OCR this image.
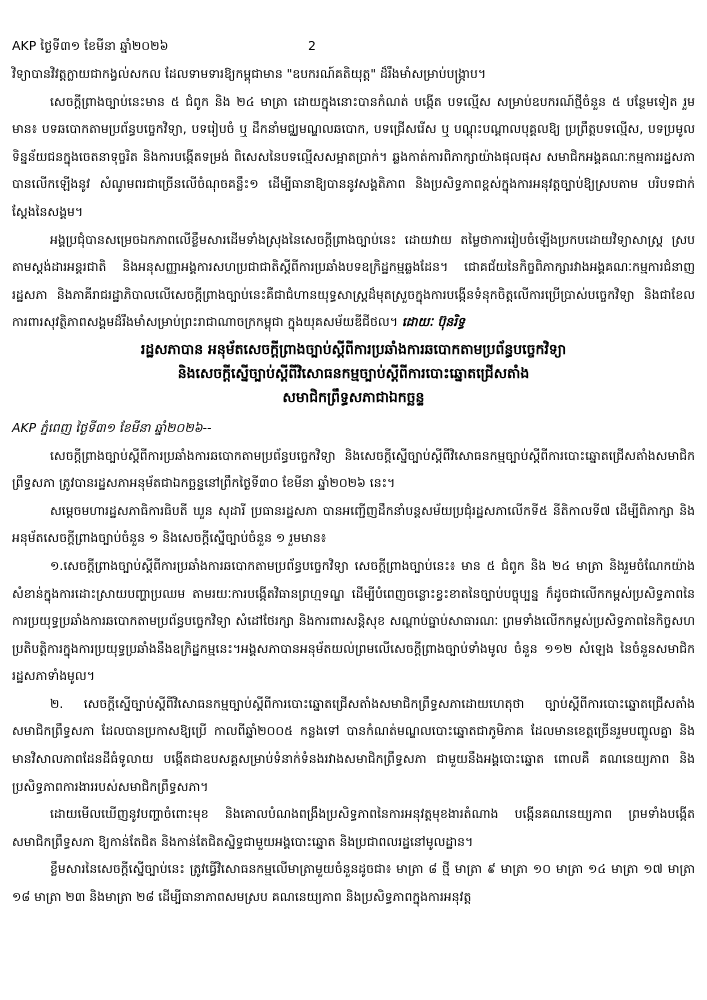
AKP ថ្ងៃទី៣១ ខែមីនា ឆ្នាំ២០២៦	2

វិទ្យាបានវិវត្តក្លាយជាកង្វល់សកល ដែលទាមទារឱ្យកម្ពុជាមាន "ឧបករណ៍គតិយុត្ត" ដ៏រឹងមាំសម្រាប់បង្ក្រាប។

សេចក្តីព្រាងច្បាប់នេះមាន ៥ ជំពូក និង ២៤ មាត្រា ដោយក្នុងនោះបានកំណត់ បង្កើត បទល្មើស សម្រាប់ឧបករណ៍ថ្មីចំនួន ៥ បន្ថែមទៀត រួមមាន៖ បទឆបោកតាមប្រព័ន្ធបច្ចេកវិទ្យា, បទរៀបចំ ឬ ដឹកនាំមជ្ឈមណ្ឌលឆបោក, បទជ្រើសរើស ឬ បណ្តុះបណ្តាលបុគ្គលឱ្យ ប្រព្រឹត្តបទល្មើស, បទប្រមូលទិន្នន័យជនក្នុងចេតនាទុច្ចរិត និងការបង្កើតទម្រង់ ពិសេសនៃបទល្មើសសម្អាតប្រាក់។ ឆ្លងកាត់ការពិភាក្សាយ៉ាងផុលផុស សមាជិកអង្គគណៈកម្មការរដ្ឋសភាបានលើកឡើងនូវ សំណូមពរជាច្រើនលើចំណុចគន្លឹះ១ ដើម្បីធានាឱ្យបាននូវសង្គតិភាព និងប្រសិទ្ធភាពខ្ពស់ក្នុងការអនុវត្តច្បាប់ឱ្យស្របតាម បរិបទជាក់ស្តែងនៃសង្គម។

អង្គប្រជុំបានសម្រេចឯកភាពលើខ្លឹមសារដើមទាំងស្រុងនៃសេចក្តីព្រាងច្បាប់នេះ ដោយវាយ តម្លៃថាការរៀបចំឡើងប្រកបដោយវិទ្យាសាស្ត្រ ស្របតាមស្តង់ដារអន្តរជាតិ និងអនុសញ្ញាអង្គការសហប្រជាជាតិស្តីពីការប្រឆាំងបទឧក្រិដ្ឋកម្មឆ្លងដែន។ ជោគជ័យនៃកិច្ចពិភាក្សារវាងអង្គគណៈកម្មការជំនាញរដ្ឋសភា និងភាគីរាជរដ្ឋាភិបាលលើសេចក្តីព្រាងច្បាប់នេះគឺជាជំហានយុទ្ធសាស្ត្រដ៏មុតស្រួចក្នុងការបង្កើនទំនុកចិត្តលើការប្រើប្រាស់បច្ចេកវិទ្យា និងជាខែលការពារសុវត្ថិភាពសង្គមដ៏រឹងមាំសម្រាប់ព្រះរាជាណាចក្រកម្ពុជា ក្នុងយុគសម័យឌីជីថល។ ដោយៈ ប៊ុនរិទ្ធ

រដ្ឋសភាបាន អនុម័តសេចក្តីព្រាងច្បាប់ស្តីពីការប្រឆាំងការឆបោកតាមប្រព័ន្ធបច្ចេកវិទ្យា
និងសេចក្តីស្នើច្បាប់ស្តីពីវិសោធនកម្មច្បាប់ស្តីពីការបោះឆ្នោតជ្រើសតាំង
សមាជិកព្រឹទ្ធសភាជាឯកច្ឆន្ទ

AKP ភ្នំពេញ ថ្ងៃទី៣១ ខែមីនា ឆ្នាំ២០២៦--

សេចក្តីព្រាងច្បាប់ស្តីពីការប្រឆាំងការឆបោកតាមប្រព័ន្ធបច្ចេកវិទ្យា និងសេចក្តីស្នើច្បាប់ស្តីពីវិសោធនកម្មច្បាប់ស្តីពីការបោះឆ្នោតជ្រើសតាំងសមាជិកព្រឹទ្ធសភា ត្រូវបានរដ្ឋសភាអនុម័តជាឯកច្ឆន្ទនៅព្រឹកថ្ងៃទី៣០ ខែមីនា ឆ្នាំ២០២៦ នេះ។

សម្តេចមហារដ្ឋសភាធិការធិបតី ឃួន សុដារី ប្រធានរដ្ឋសភា បានអញ្ជើញដឹកនាំបន្តសម័យប្រជុំរដ្ឋសភាលើកទី៥ នីតិកាលទី៧ ដើម្បីពិភាក្សា និងអនុម័តសេចក្តីព្រាងច្បាប់ចំនួន ១ និងសេចក្តីស្នើច្បាប់ចំនួន ១ រួមមាន៖

១.សេចក្តីព្រាងច្បាប់ស្តីពីការប្រឆាំងការឆបោកតាមប្រព័ន្ធបច្ចេកវិទ្យា សេចក្តីព្រាងច្បាប់នេះ៖ មាន ៥ ជំពូក និង ២៤ មាត្រា និងរួមចំណែកយ៉ាងសំខាន់ក្នុងការដោះស្រាយបញ្ហាប្រឈម តាមរយៈការបង្កើតវិធានព្រហ្មទណ្ឌ ដើម្បីបំពេញចន្លោះខ្វះខាតនៃច្បាប់បច្ចុប្បន្ន ក៏ដូចជាលើកកម្ពស់ប្រសិទ្ធភាពនៃការប្រយុទ្ធប្រឆាំងការឆបោកតាមប្រព័ន្ធបច្ចេកវិទ្យា សំដៅថែរក្សា និងការពារសន្តិសុខ សណ្តាប់ធ្នាប់សាធារណៈ ព្រមទាំងលើកកម្ពស់ប្រសិទ្ធភាពនៃកិច្ចសហប្រតិបត្តិការក្នុងការប្រយុទ្ធប្រឆាំងនឹងឧក្រិដ្ឋកម្មនេះ។អង្គសភាបានអនុម័តយល់ព្រមលើសេចក្តីព្រាងច្បាប់ទាំងមូល ចំនួន ១១២ សំឡេង នៃចំនួនសមាជិករដ្ឋសភាទាំងមូល។

២. សេចក្តីស្នើច្បាប់ស្តីពីវិសោធនកម្មច្បាប់ស្តីពីការបោះឆ្នោតជ្រើសតាំងសមាជិកព្រឹទ្ធសភាដោយហេតុថា ច្បាប់ស្តីពីការបោះឆ្នោតជ្រើសតាំងសមាជិកព្រឹទ្ធសភា ដែលបានប្រកាសឱ្យប្រើ កាលពីឆ្នាំ២០០៥ កន្លងទៅ បានកំណត់មណ្ឌលបោះឆ្នោតជាភូមិភាគ ដែលមានខេត្តច្រើនរួមបញ្ចូលគ្នា និងមានវិសាលភាពដែនដីធំទូលាយ បង្កើតជាឧបសគ្គសម្រាប់ទំនាក់ទំនងរវាងសមាជិកព្រឹទ្ធសភា ជាមួយនឹងអង្គបោះឆ្នោត ពោលគឺ គណនេយ្យភាព និងប្រសិទ្ធភាពការងាររបស់សមាជិកព្រឹទ្ធសភា។

ដោយមើលឃើញនូវបញ្ហាចំពោះមុខ និងគោលបំណងពង្រឹងប្រសិទ្ធភាពនៃការអនុវត្តមុខងារតំណាង បង្កើនគណនេយ្យភាព ព្រមទាំងបង្កើតសមាជិកព្រឹទ្ធសភា ឱ្យកាន់តែជិត និងកាន់តែជិតស្និទ្ធជាមួយអង្គបោះឆ្នោត និងប្រជាពលរដ្ឋនៅមូលដ្ឋាន។

ខ្លឹមសារនៃសេចក្តីស្នើច្បាប់នេះ ត្រូវធ្វើវិសោធនកម្មលើមាត្រាមួយចំនួនដូចជា៖ មាត្រា ៨ ថ្មី មាត្រា ៩ មាត្រា ១០ មាត្រា ១៤ មាត្រា ១៧ មាត្រា ១៨ មាត្រា ២៣ និងមាត្រា ២៨ ដើម្បីធានាភាពសមស្រប គណនេយ្យភាព និងប្រសិទ្ធភាពក្នុងការអនុវត្ត
